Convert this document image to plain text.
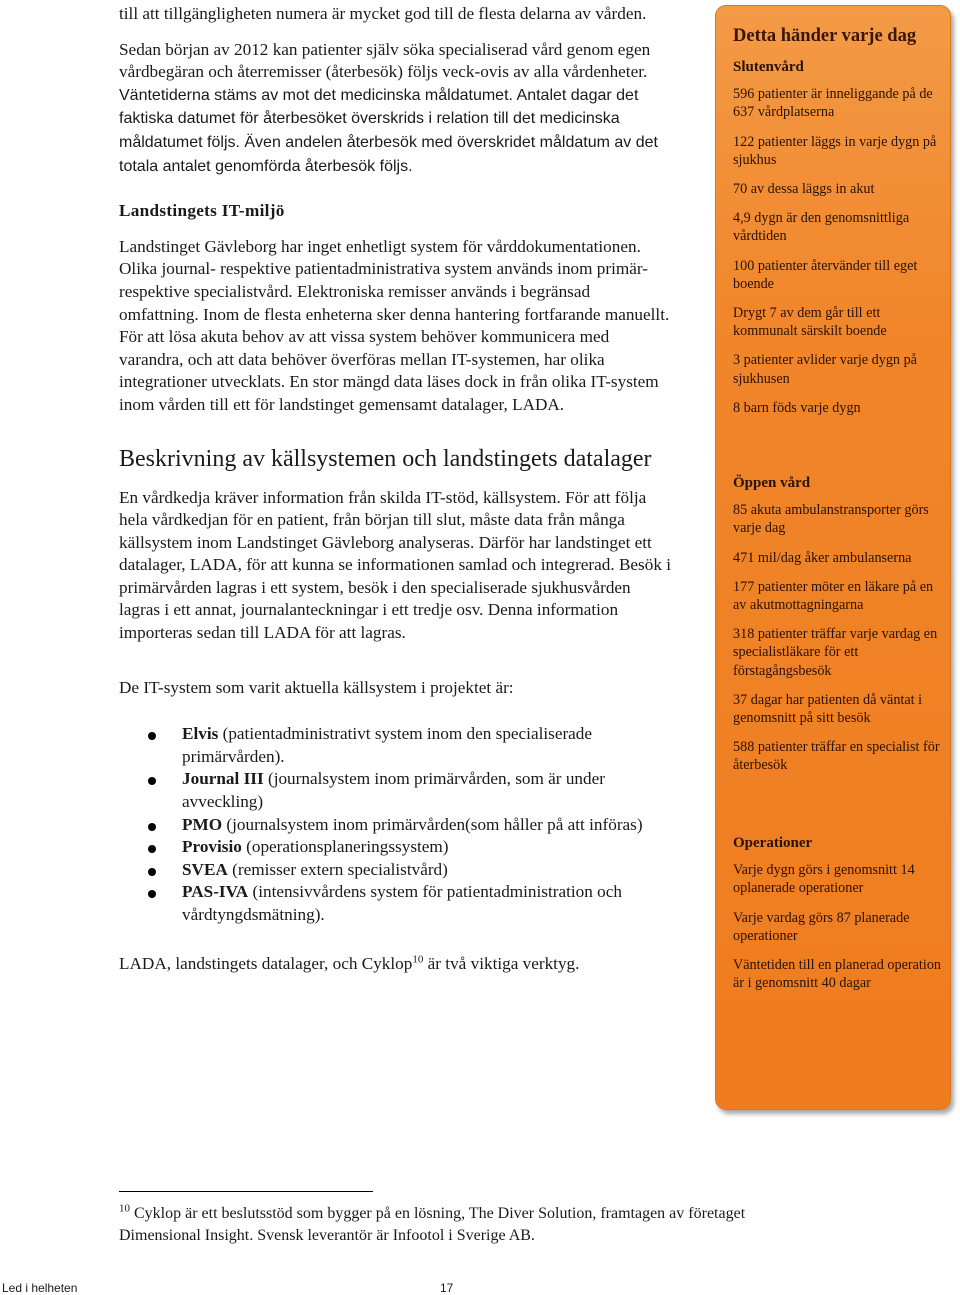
till att tillgängligheten numera är mycket god till de flesta delarna av vården.

Sedan början av 2012 kan patienter själv söka specialiserad vård genom egen vårdbegäran och återremisser (återbesök) följs veck-ovis av alla vårdenheter. Väntetiderna stäms av mot det medicinska måldatumet. Antalet dagar det faktiska datumet för återbesöket överskrids i relation till det medicinska måldatumet följs. Även andelen återbesök med överskridet måldatum av det totala antalet genomförda återbesök följs.

Landstingets IT-miljö

Landstinget Gävleborg har inget enhetligt system för vårddokumentationen. Olika journal- respektive patientadministrativa system används inom primär- respektive specialistvård. Elektroniska remisser används i begränsad omfattning. Inom de flesta enheterna sker denna hantering fortfarande manuellt. För att lösa akuta behov av att vissa system behöver kommunicera med varandra, och att data behöver överföras mellan IT-systemen, har olika integrationer utvecklats. En stor mängd data läses dock in från olika IT-system inom vården till ett för landstinget gemensamt datalager, LADA.

Beskrivning av källsystemen och landstingets datalager

En vårdkedja kräver information från skilda IT-stöd, källsystem. För att följa hela vårdkedjan för en patient, från början till slut, måste data från många källsystem inom Landstinget Gävleborg analyseras. Därför har landstinget ett datalager, LADA, för att kunna se informationen samlad och integrerad. Besök i primärvården lagras i ett system, besök i den specialiserade sjukhusvården lagras i ett annat, journalanteckningar i ett tredje osv. Denna information importeras sedan till LADA för att lagras.

De IT-system som varit aktuella källsystem i projektet är:

Elvis (patientadministrativt system inom den specialiserade primärvården).
Journal III (journalsystem inom primärvården, som är under avveckling)
PMO (journalsystem inom primärvården(som håller på att införas)
Provisio (operationsplaneringssystem)
SVEA (remisser extern specialistvård)
PAS-IVA (intensivvårdens system för patientadministration och vårdtyngdsmätning).

LADA, landstingets datalager, och Cyklop$^{10}$ är två viktiga verktyg.

Detta händer varje dag
Slutenvård
596 patienter är inneliggande på de 637 vårdplatserna
122 patienter läggs in varje dygn på sjukhus
70 av dessa läggs in akut
4,9 dygn är den genomsnittliga vårdtiden
100 patienter återvänder till eget boende
Drygt 7 av dem går till ett kommunalt särskilt boende
3 patienter avlider varje dygn på sjukhusen
8 barn föds varje dygn
Öppen vård
85 akuta ambulanstransporter görs varje dag
471 mil/dag åker ambulanserna
177 patienter möter en läkare på en av akutmottagningarna
318 patienter träffar varje vardag en specialistläkare för ett förstagångsbesök
37 dagar har patienten då väntat i genomsnitt på sitt besök
588 patienter träffar en specialist för återbesök
Operationer
Varje dygn görs i genomsnitt 14 oplanerade operationer
Varje vardag görs 87 planerade operationer
Väntetiden till en planerad operation är i genomsnitt 40 dagar
$^{10}$ Cyklop är ett beslutsstöd som bygger på en lösning, The Diver Solution, framtagen av företaget Dimensional Insight. Svensk leverantör är Infootol i Sverige AB.
Led i helheten	17
